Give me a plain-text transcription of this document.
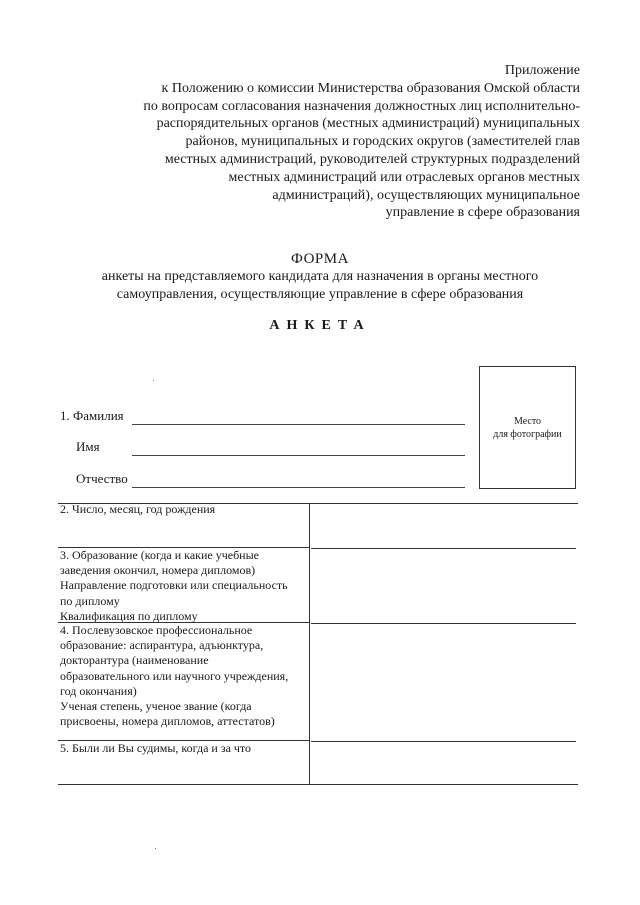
Приложение
к Положению о комиссии Министерства образования Омской области
по вопросам согласования назначения должностных лиц исполнительно-
распорядительных органов (местных администраций) муниципальных
районов, муниципальных и городских округов (заместителей глав
местных администраций, руководителей структурных подразделений
местных администраций или отраслевых органов местных
администраций), осуществляющих муниципальное
управление в сфере образования
ФОРМА
анкеты на представляемого кандидата для назначения в органы местного
самоуправления, осуществляющие управление в сфере образования
АНКЕТА
Место
для фотографии
1. Фамилия
Имя
Отчество
2. Число, месяц, год рождения
3. Образование (когда и какие учебные
заведения окончил, номера дипломов)
Направление подготовки или специальность
по диплому
Квалификация по диплому
4. Послевузовское профессиональное
образование: аспирантура, адъюнктура,
докторантура (наименование
образовательного или научного учреждения,
год окончания)
Ученая степень, ученое звание (когда
присвоены, номера дипломов, аттестатов)
5. Были ли Вы судимы, когда и за что
